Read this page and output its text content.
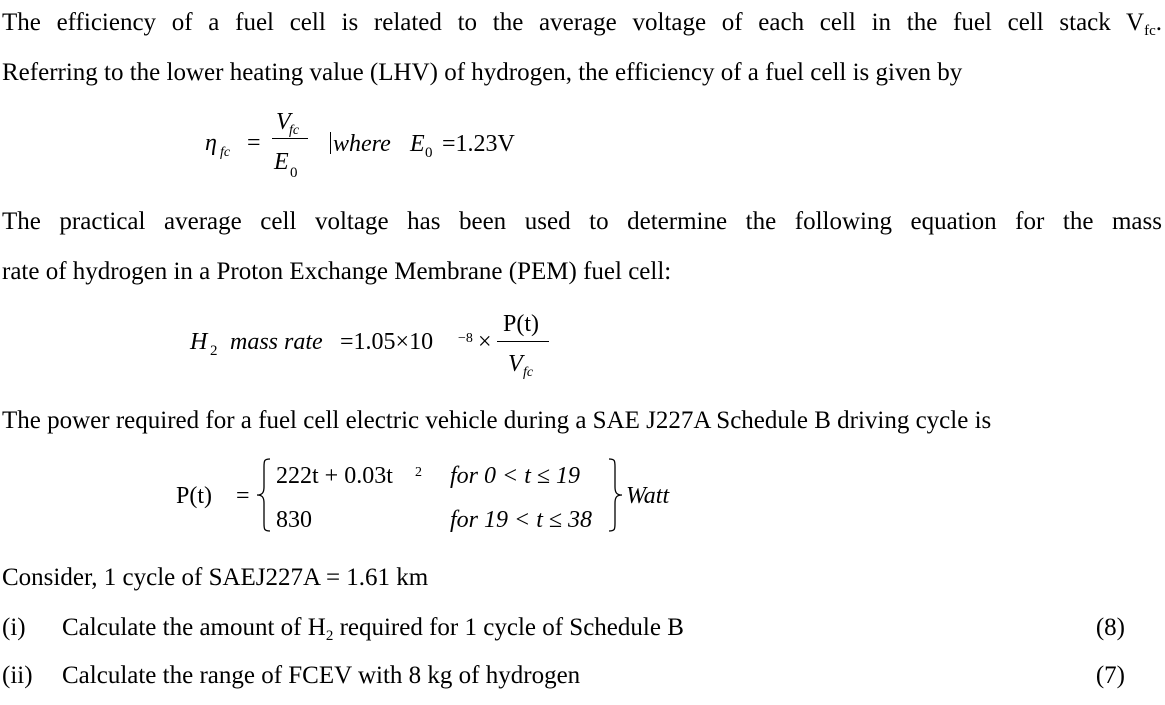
The efficiency of a fuel cell is related to the average voltage of each cell in the fuel cell stack $V_{fc}$.
Referring to the lower heating value (LHV) of hydrogen, the efficiency of a fuel cell is given by
η fc =
V
fc
E 0
where E 0 =1.23V
The practical average cell voltage has been used to determine the following equation for the mass
rate of hydrogen in a Proton Exchange Membrane (PEM) fuel cell:
H 2 mass rate =1.05×10 −8 ×
P(t)
V fc
The power required for a fuel cell electric vehicle during a SAE J227A Schedule B driving cycle is
P(t) =
222t + 0.03t 2 for 0 < t ≤ 19
830	for 19 < t ≤ 38
Watt
Consider, 1 cycle of SAEJ227A = 1.61 km
(i) Calculate the amount of $H_2$ required for 1 cycle of Schedule B	(8)
(ii) Calculate the range of FCEV with 8 kg of hydrogen	(7)
